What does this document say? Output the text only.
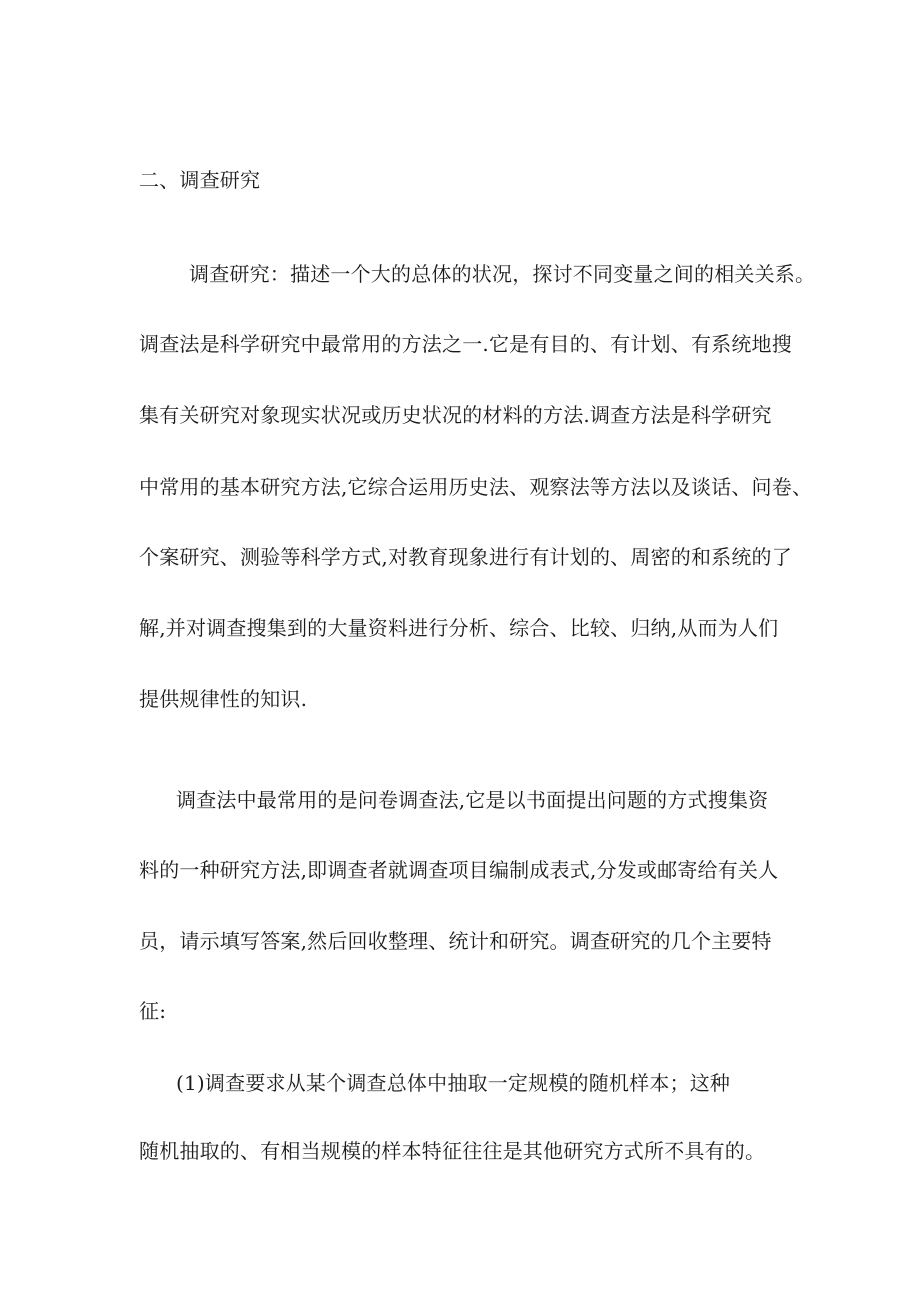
二、调查研究
调查研究：描述一个大的总体的状况，探讨不同变量之间的相关关系。
调查法是科学研究中最常用的方法之一.它是有目的、有计划、有系统地搜
集有关研究对象现实状况或历史状况的材料的方法.调查方法是科学研究
中常用的基本研究方法,它综合运用历史法、观察法等方法以及谈话、问卷、
个案研究、测验等科学方式,对教育现象进行有计划的、周密的和系统的了
解,并对调查搜集到的大量资料进行分析、综合、比较、归纳,从而为人们
提供规律性的知识.
调查法中最常用的是问卷调查法,它是以书面提出问题的方式搜集资
料的一种研究方法,即调查者就调查项目编制成表式,分发或邮寄给有关人
员，请示填写答案,然后回收整理、统计和研究。调查研究的几个主要特
征:
(1)调查要求从某个调查总体中抽取一定规模的随机样本；这种
随机抽取的、有相当规模的样本特征往往是其他研究方式所不具有的。
